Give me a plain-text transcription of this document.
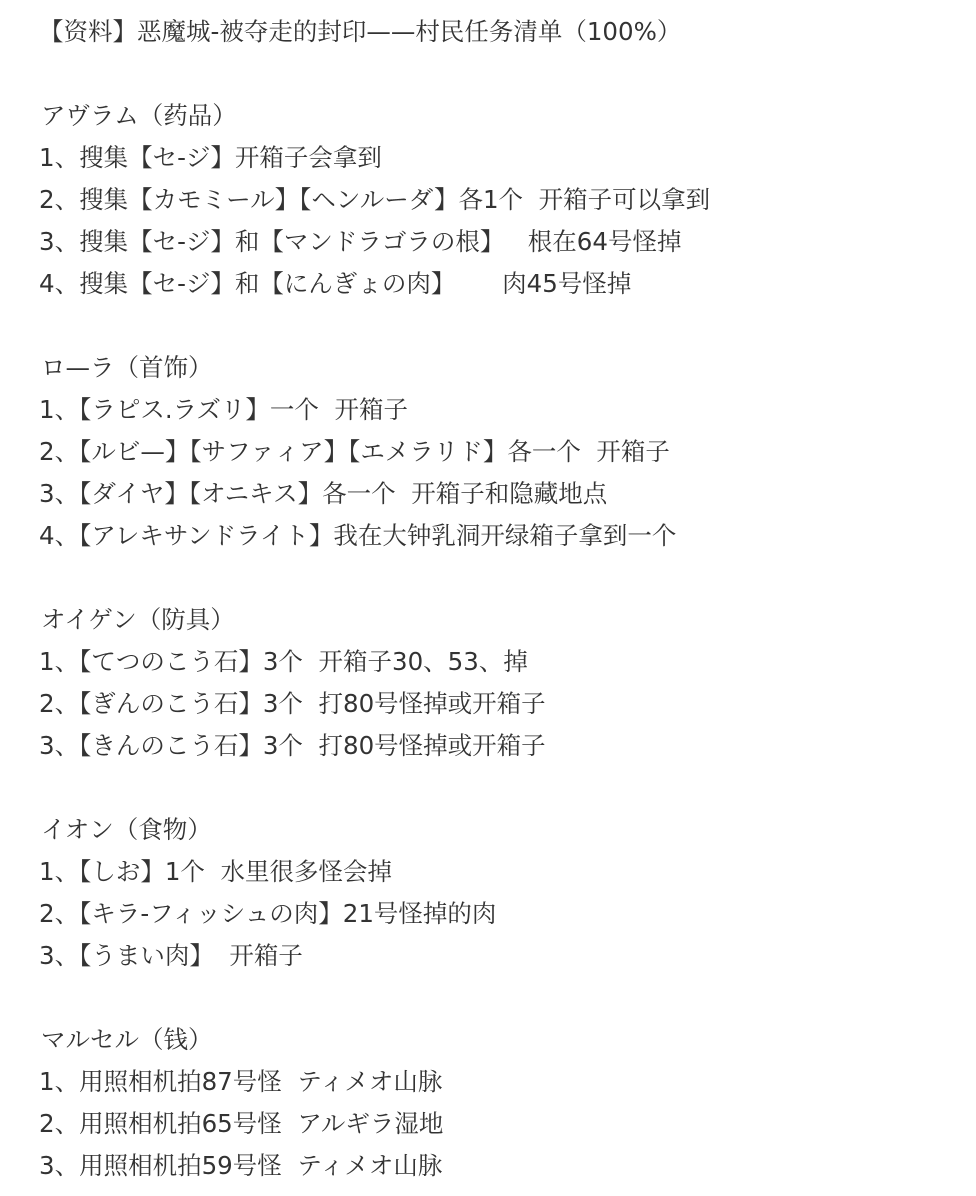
【资料】恶魔城-被夺走的封印——村民任务清单（100%）
アヴラム（药品）
1、搜集【セ-ジ】开箱子会拿到
2、搜集【カモミール】【ヘンルーダ】各1个  开箱子可以拿到
3、搜集【セ-ジ】和【マンドラゴラの根】   根在64号怪掉
4、搜集【セ-ジ】和【にんぎょの肉】      肉45号怪掉
ロ—ラ（首饰）
1、【ラピス.ラズリ】一个  开箱子
2、【ルビ—】【サファィア】【エメラリド】各一个  开箱子
3、【ダイヤ】【オニキス】各一个  开箱子和隐藏地点
4、【アレキサンドライト】我在大钟乳洞开绿箱子拿到一个
オイゲン（防具）
1、【てつのこう石】3个  开箱子30、53、掉
2、【ぎんのこう石】3个  打80号怪掉或开箱子
3、【きんのこう石】3个  打80号怪掉或开箱子
イオン（食物）
1、【しお】1个  水里很多怪会掉
2、【キラ-フィッシュの肉】21号怪掉的肉
3、【うまい肉】  开箱子
マルセル（钱）
1、用照相机拍87号怪  ティメオ山脉
2、用照相机拍65号怪  アルギラ湿地
3、用照相机拍59号怪  ティメオ山脉
